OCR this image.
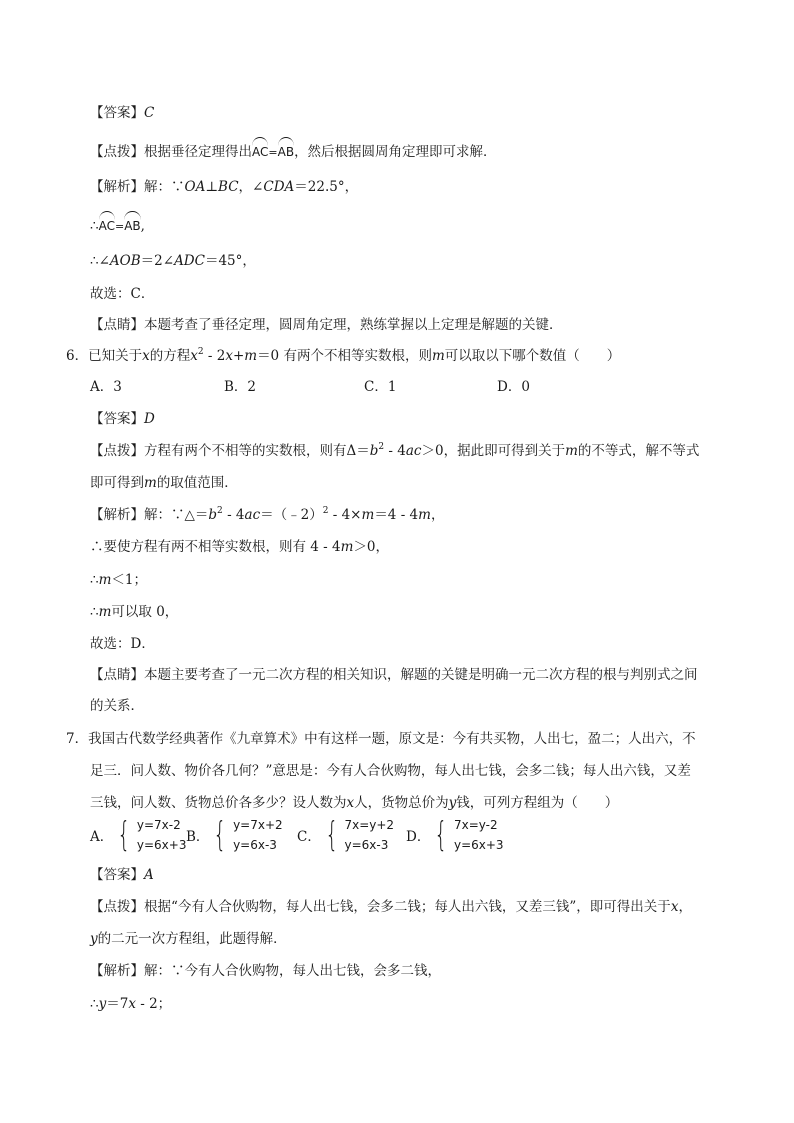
【答案】C
【点拨】根据垂径定理得出AC=AB，然后根据圆周角定理即可求解．
【解析】解：∵OA⊥BC，∠CDA＝22.5°，
∴AC=AB,
∴∠AOB＝2∠ADC＝45°，
故选：C．
【点睛】本题考查了垂径定理，圆周角定理，熟练掌握以上定理是解题的关键．
6．已知关于x的方程$x^2 - 2x+m=0$ 有两个不相等实数根，则m可以取以下哪个数值（　　）
A．3	B．2	C．1	D．0
【答案】D
【点拨】方程有两个不相等的实数根，则有$\Delta=b^2 - 4ac>0$，据此即可得到关于m的不等式，解不等式
即可得到m的取值范围．
【解析】解：$\because\triangle=b^2$ - 4ac＝（﹣2）$^2$ - 4×m＝4 - 4m，
∴要使方程有两不相等实数根，则有 4 - 4m＞0，
∴m＜1；
∴m可以取 0，
故选：D．
【点睛】本题主要考查了一元二次方程的相关知识，解题的关键是明确一元二次方程的根与判别式之间
的关系．
7．我国古代数学经典著作《九章算术》中有这样一题，原文是：今有共买物，人出七，盈二；人出六，不
足三．问人数、物价各几何？”意思是：今有人合伙购物，每人出七钱，会多二钱；每人出六钱，又差
三钱，问人数、货物总价各多少？设人数为x人，货物总价为y钱，可列方程组为（　　）
A． { y=7x-2
y=6x+3 B． { y=7x+2
y=6x-3	C． { 7x=y+2
y=6x-3	D． { 7x=y-2
y=6x+3
【答案】A
【点拨】根据“今有人合伙购物，每人出七钱，会多二钱；每人出六钱，又差三钱”，即可得出关于x，
y的二元一次方程组，此题得解．
【解析】解：∵今有人合伙购物，每人出七钱，会多二钱，
∴y＝7x - 2；
